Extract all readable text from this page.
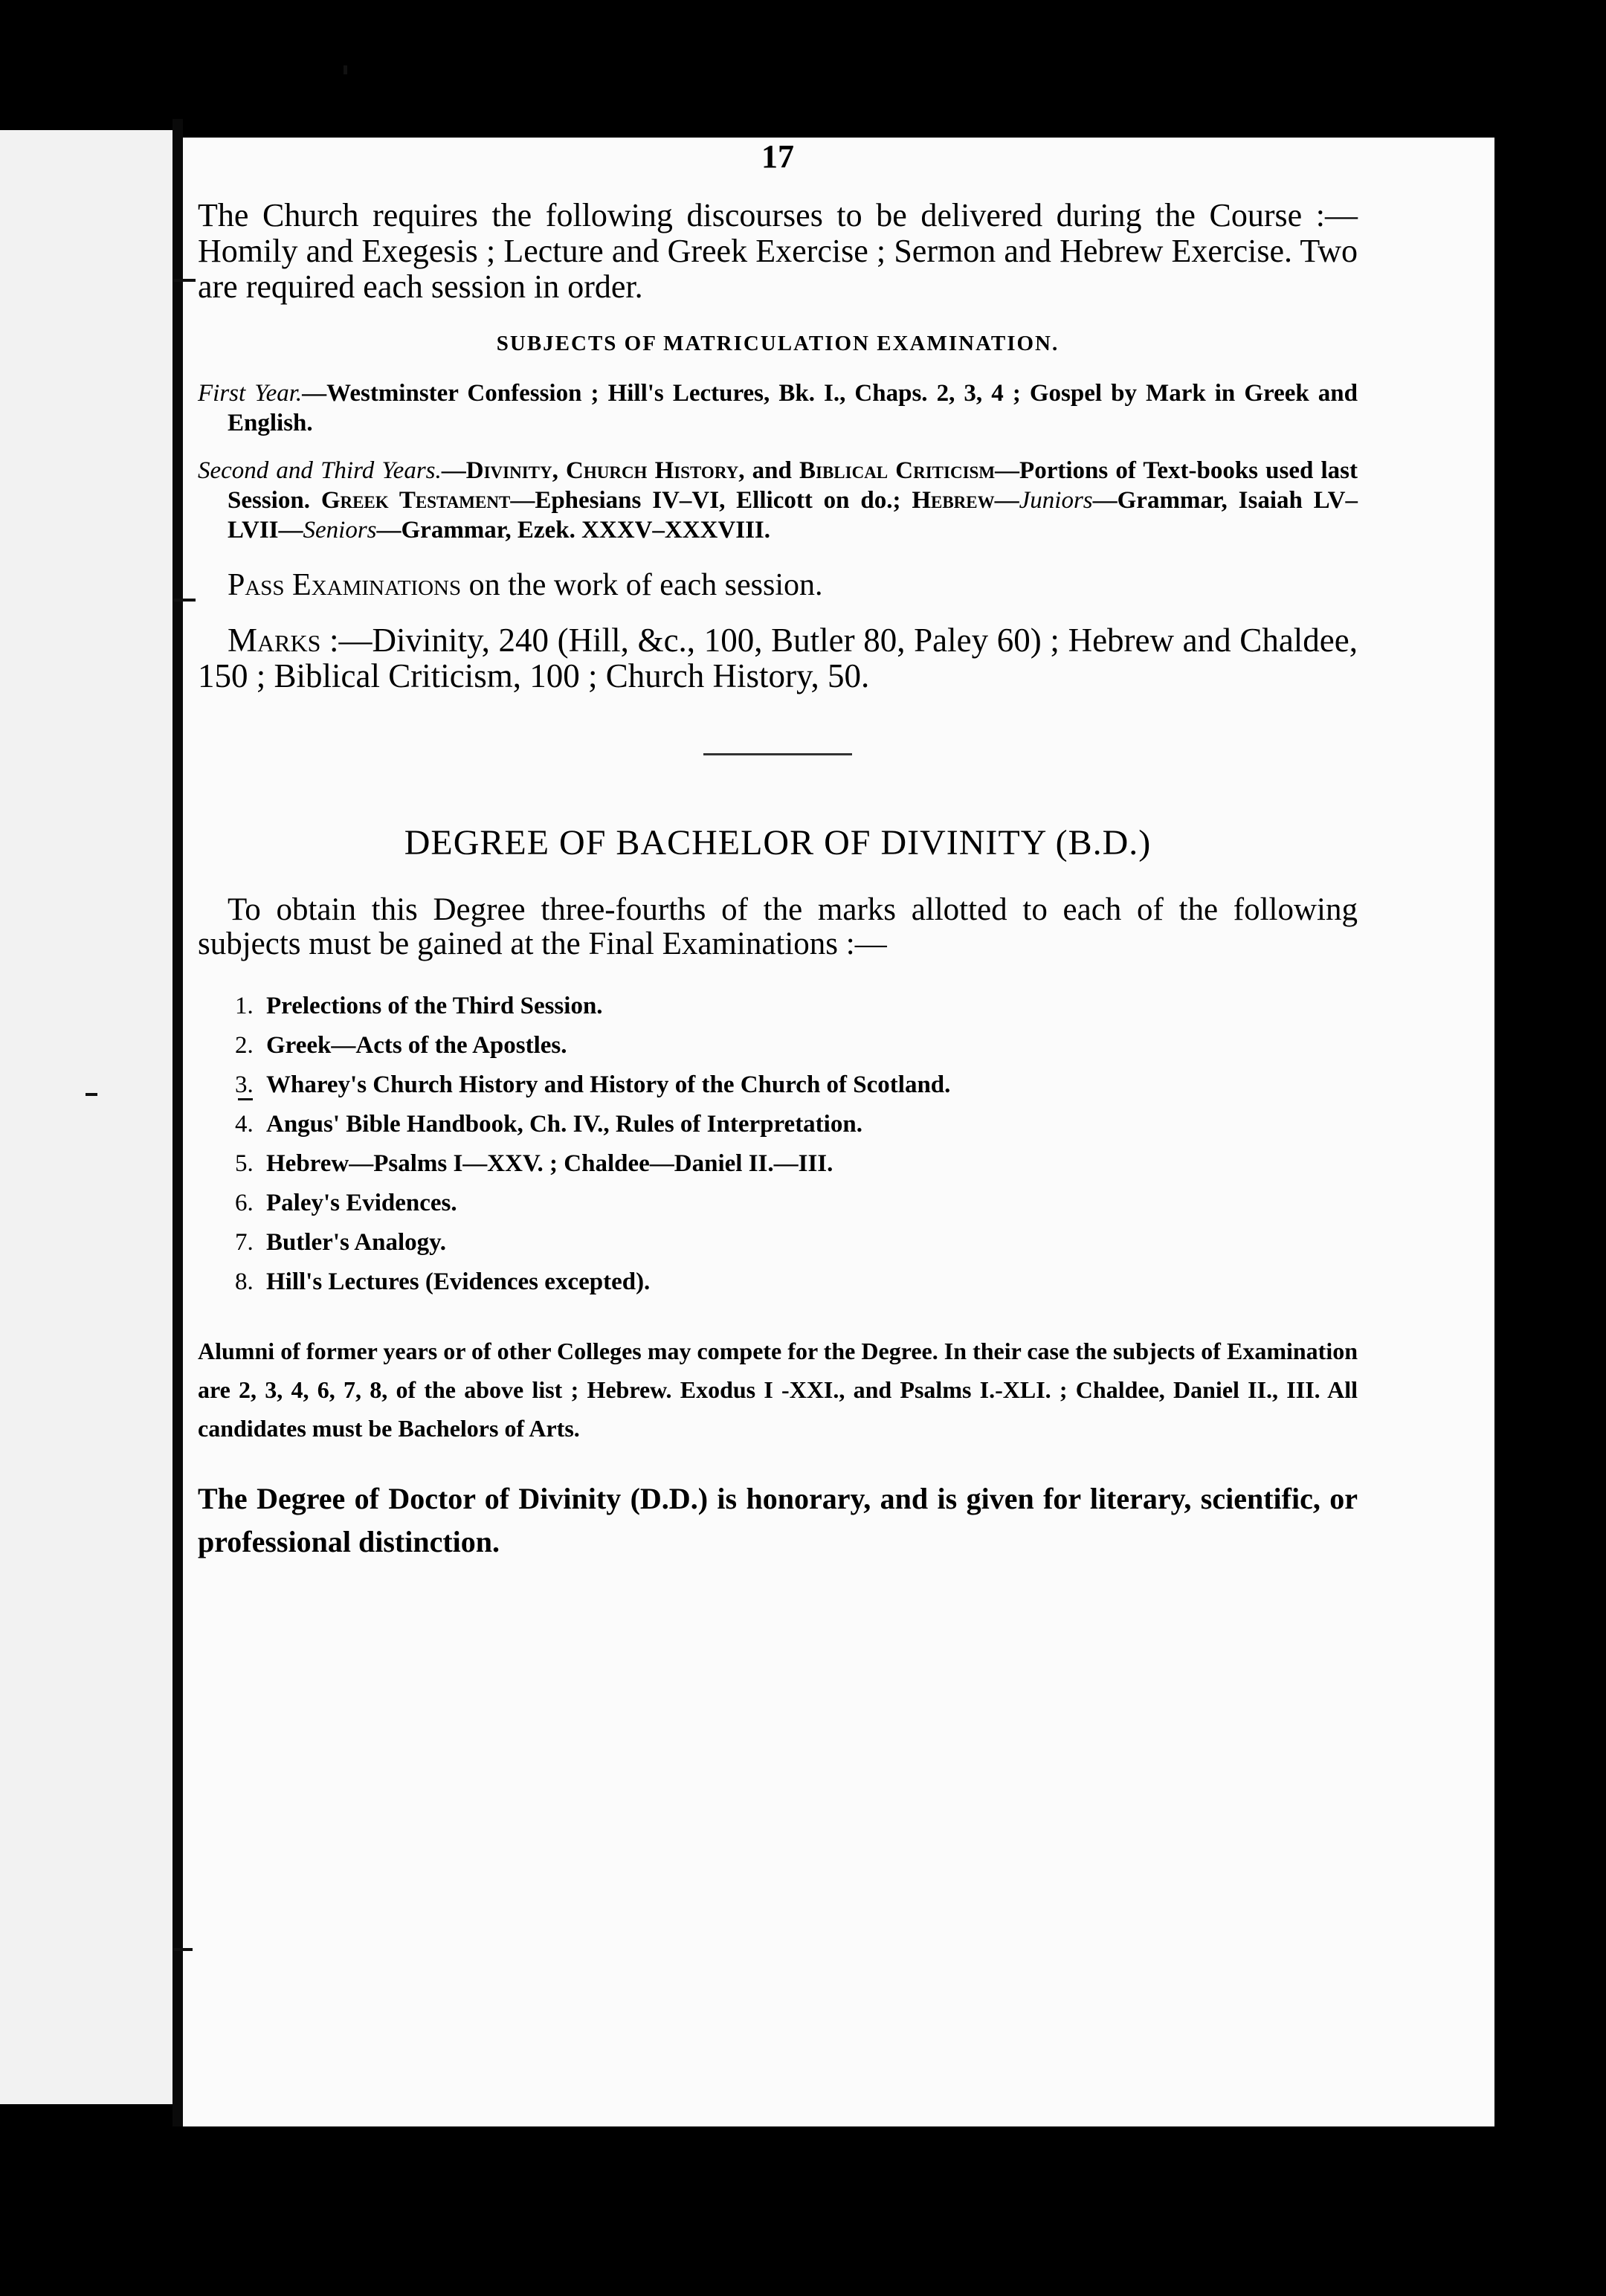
17

The Church requires the following discourses to be delivered during the Course :—Homily and Exegesis ; Lecture and Greek Exercise ; Sermon and Hebrew Exercise. Two are required each session in order.

SUBJECTS OF MATRICULATION EXAMINATION.

First Year.—Westminster Confession ; Hill's Lectures, Bk. I., Chaps. 2, 3, 4 ; Gospel by Mark in Greek and English.

Second and Third Years.—Divinity, Church History, and Biblical Criticism—Portions of Text-books used last Session. Greek Testament—Ephesians IV–VI, Ellicott on do.; Hebrew—Juniors—Grammar, Isaiah LV–LVII—Seniors—Grammar, Ezek. XXXV–XXXVIII.

Pass Examinations on the work of each session.

Marks :—Divinity, 240 (Hill, &c., 100, Butler 80, Paley 60) ; Hebrew and Chaldee, 150 ; Biblical Criticism, 100 ; Church History, 50.

DEGREE OF BACHELOR OF DIVINITY (B.D.)

To obtain this Degree three-fourths of the marks allotted to each of the following subjects must be gained at the Final Examinations :—

1. Prelections of the Third Session.
2. Greek—Acts of the Apostles.
3. Wharey's Church History and History of the Church of Scotland.
4. Angus' Bible Handbook, Ch. IV., Rules of Interpretation.
5. Hebrew—Psalms I—XXV. ; Chaldee—Daniel II.—III.
6. Paley's Evidences.
7. Butler's Analogy.
8. Hill's Lectures (Evidences excepted).

Alumni of former years or of other Colleges may compete for the Degree. In their case the subjects of Examination are 2, 3, 4, 6, 7, 8, of the above list ; Hebrew. Exodus I -XXI., and Psalms I.-XLI. ; Chaldee, Daniel II., III. All candidates must be Bachelors of Arts.

The Degree of Doctor of Divinity (D.D.) is honorary, and is given for literary, scientific, or professional distinction.
